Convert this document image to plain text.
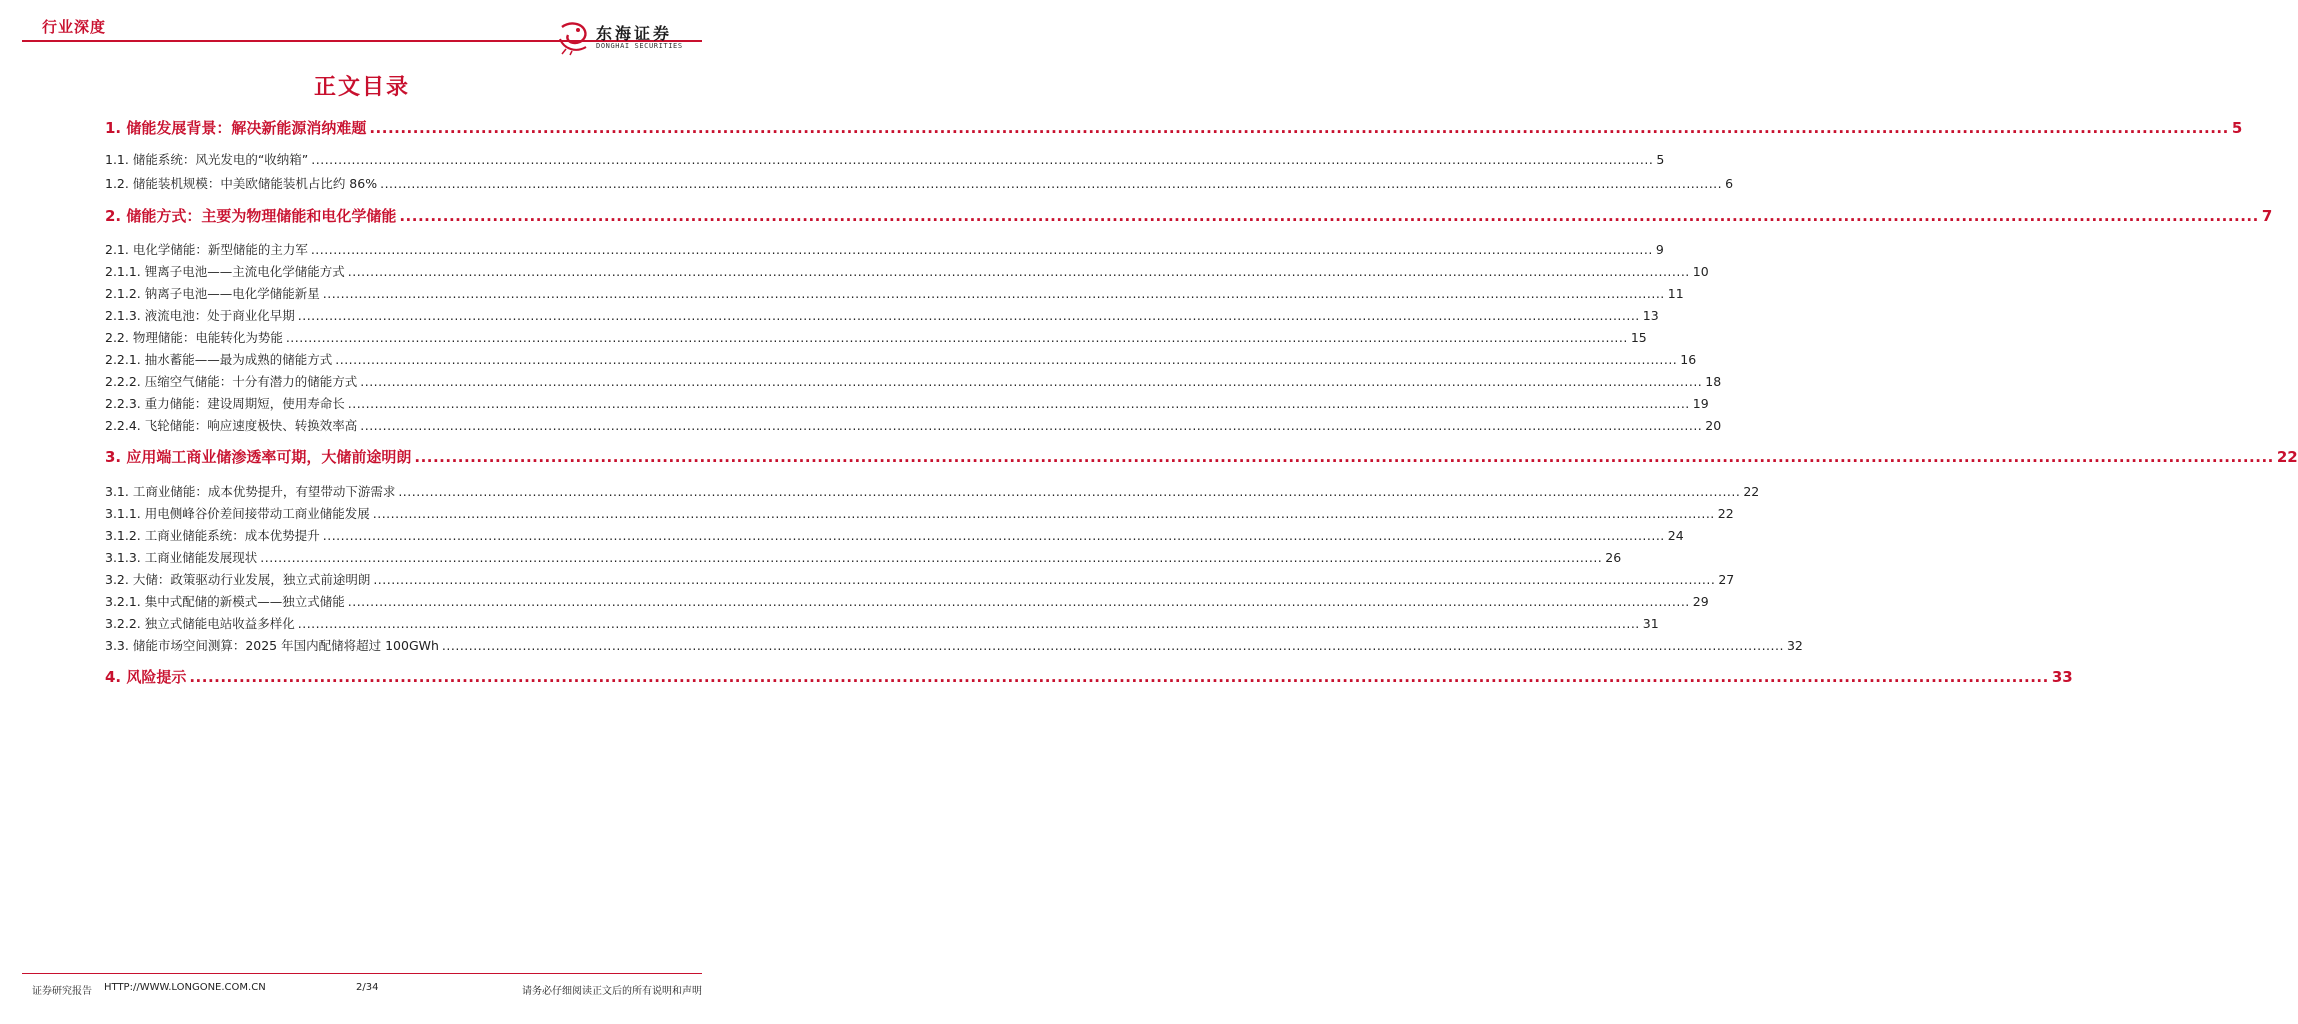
行业深度	东海证券
DONGHAI SECURITIES
正文目录
1. 储能发展背景：解决新能源消纳难题 ............................................................................................................................................................................................................................................................................................................ 5
1.1. 储能系统：风光发电的“收纳箱” ............................................................................................................................................................................................................................................................................................................ 5
1.2. 储能装机规模：中美欧储能装机占比约 86% ............................................................................................................................................................................................................................................................................................................ 6
2. 储能方式：主要为物理储能和电化学储能 ............................................................................................................................................................................................................................................................................................................ 7
2.1. 电化学储能：新型储能的主力军 ............................................................................................................................................................................................................................................................................................................ 9
2.1.1. 锂离子电池——主流电化学储能方式 ............................................................................................................................................................................................................................................................................................................ 10
2.1.2. 钠离子电池——电化学储能新星 ............................................................................................................................................................................................................................................................................................................ 11
2.1.3. 液流电池：处于商业化早期 ............................................................................................................................................................................................................................................................................................................ 13
2.2. 物理储能：电能转化为势能 ............................................................................................................................................................................................................................................................................................................ 15
2.2.1. 抽水蓄能——最为成熟的储能方式 ............................................................................................................................................................................................................................................................................................................ 16
2.2.2. 压缩空气储能：十分有潜力的储能方式 ............................................................................................................................................................................................................................................................................................................ 18
2.2.3. 重力储能：建设周期短，使用寿命长 ............................................................................................................................................................................................................................................................................................................ 19
2.2.4. 飞轮储能：响应速度极快、转换效率高 ............................................................................................................................................................................................................................................................................................................ 20
3. 应用端工商业储渗透率可期，大储前途明朗 ............................................................................................................................................................................................................................................................................................................ 22
3.1. 工商业储能：成本优势提升，有望带动下游需求 ............................................................................................................................................................................................................................................................................................................ 22
3.1.1. 用电侧峰谷价差间接带动工商业储能发展 ............................................................................................................................................................................................................................................................................................................ 22
3.1.2. 工商业储能系统：成本优势提升 ............................................................................................................................................................................................................................................................................................................ 24
3.1.3. 工商业储能发展现状 ............................................................................................................................................................................................................................................................................................................ 26
3.2. 大储：政策驱动行业发展，独立式前途明朗 ............................................................................................................................................................................................................................................................................................................ 27
3.2.1. 集中式配储的新模式——独立式储能 ............................................................................................................................................................................................................................................................................................................ 29
3.2.2. 独立式储能电站收益多样化 ............................................................................................................................................................................................................................................................................................................ 31
3.3. 储能市场空间测算：2025 年国内配储将超过 100GWh ............................................................................................................................................................................................................................................................................................................ 32
4. 风险提示 ............................................................................................................................................................................................................................................................................................................ 33
证券研究报告 HTTP://WWW.LONGONE.COM.CN	2/34	请务必仔细阅读正文后的所有说明和声明
